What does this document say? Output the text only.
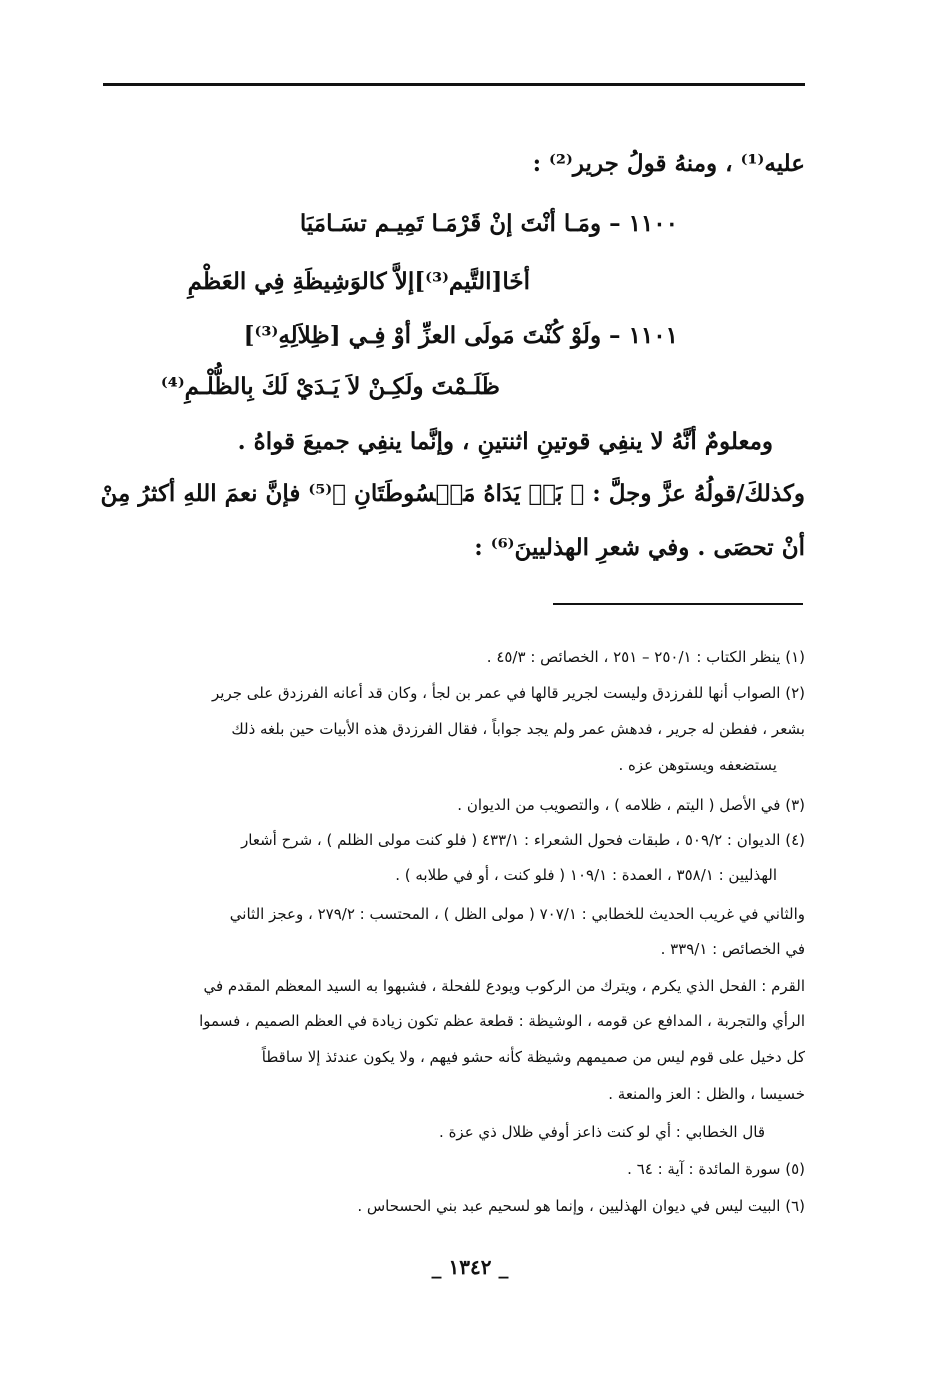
عليه⁽¹⁾ ، ومنهُ قولُ جرير⁽²⁾ :
١١٠٠ – ومَـا أنْتَ إنْ قَرْمَـا تَمِيـم تسَـامَيَا
أخَا[التَّيم⁽³⁾]إلاَّ كالوَشِيظَةِ فِي العَظْمِ
١١٠١ – ولَوْ كُنْتَ مَولَى العزِّ أوْ فِـي [ظِلاَلِهِ⁽³⁾]
ظَلَـمْتَ ولَكِـنْ لاَ يَـدَيْ لَكَ بِالظُّلْـمِ⁽⁴⁾
ومعلومٌ أنَّهُ لا ينفِي قوتينِ اثنتينِ ، وإنَّما ينفِي جميعَ قواهُ .
وكذلكَ/قولُهُ عزَّ وجلَّ : ﴿ بَلۡ يَدَاهُ مَبۡسُوطَتَانِ ﴾⁽⁵⁾ فإنَّ نعمَ اللهِ أكثرُ مِنْ
أنْ تحصَى . وفي شعرِ الهذليينَ⁽⁶⁾ :
(١) ينظر الكتاب : ٢٥٠/١ – ٢٥١ ، الخصائص : ٤٥/٣ .
(٢) الصواب أنها للفرزدق وليست لجرير قالها في عمر بن لجأ ، وكان قد أعانه الفرزدق على جرير
بشعر ، ففطن له جرير ، فدهش عمر ولم يجد جواباً ، فقال الفرزدق هذه الأبيات حين بلغه ذلك
يستضعفه ويستوهن عزه .
(٣) في الأصل ( اليتم ، ظلامه ) ، والتصويب من الديوان .
(٤) الديوان : ٥٠٩/٢ ، طبقات فحول الشعراء : ٤٣٣/١ ( فلو كنت مولى الظلم ) ، شرح أشعار
الهذليين : ٣٥٨/١ ، العمدة : ١٠٩/١ ( فلو كنت ، أو في طلابه ) .
والثاني في غريب الحديث للخطابي : ٧٠٧/١ ( مولى الظل ) ، المحتسب : ٢٧٩/٢ ، وعجز الثاني
في الخصائص : ٣٣٩/١ .
القرم : الفحل الذي يكرم ، ويترك من الركوب ويودع للفحلة ، فشبهوا به السيد المعظم المقدم في
الرأي والتجربة ، المدافع عن قومه ، الوشيظة : قطعة عظم تكون زيادة في العظم الصميم ، فسموا
كل دخيل على قوم ليس من صميمهم وشيظة كأنه حشو فيهم ، ولا يكون عندئذ إلا ساقطاً
خسيسا ، والظل : العز والمنعة .
قال الخطابي : أي لو كنت ذاعز أوفي ظلال ذي عزة .
(٥) سورة المائدة : آية : ٦٤ .
(٦) البيت ليس في ديوان الهذليين ، وإنما هو لسحيم عبد بني الحسحاس .
_ ١٣٤٢ _
